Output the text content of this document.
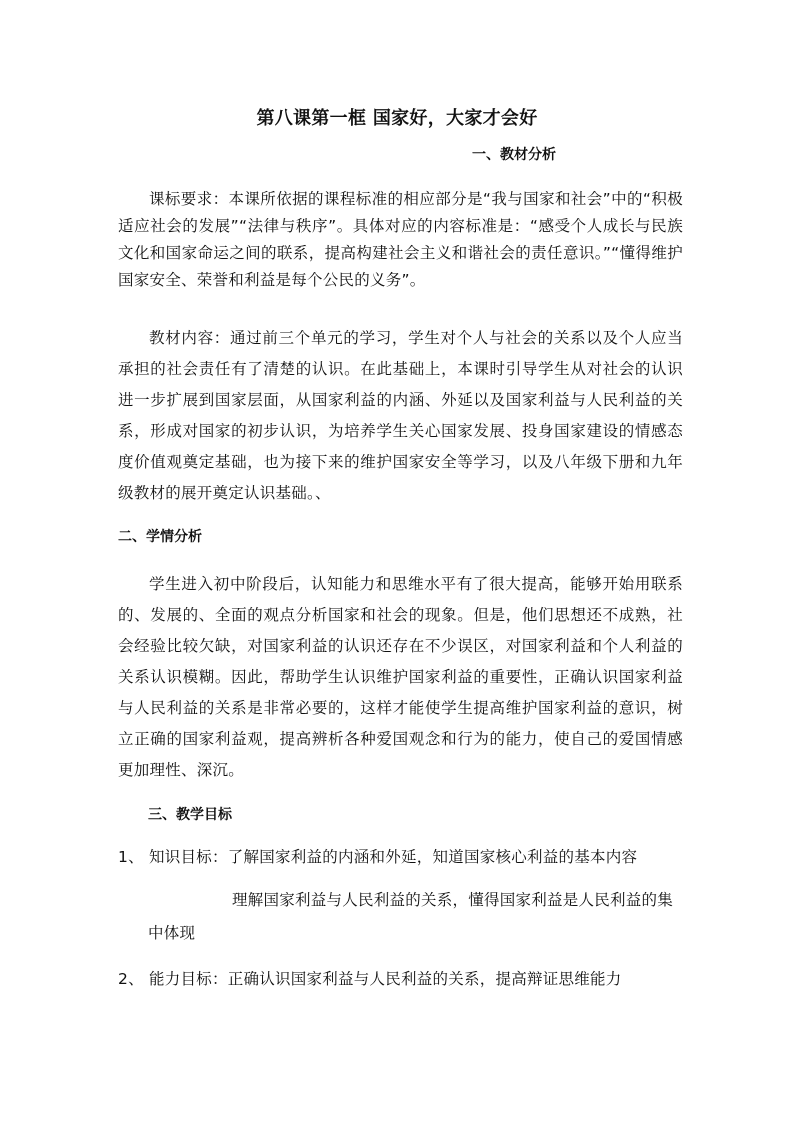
第八课第一框 国家好，大家才会好
一、教材分析
课标要求：本课所依据的课程标准的相应部分是“我与国家和社会”中的“积极适应社会的发展”“法律与秩序”。具体对应的内容标准是：“感受个人成长与民族文化和国家命运之间的联系，提高构建社会主义和谐社会的责任意识。”“懂得维护国家安全、荣誉和利益是每个公民的义务”。
教材内容：通过前三个单元的学习，学生对个人与社会的关系以及个人应当承担的社会责任有了清楚的认识。在此基础上，本课时引导学生从对社会的认识进一步扩展到国家层面，从国家利益的内涵、外延以及国家利益与人民利益的关系，形成对国家的初步认识，为培养学生关心国家发展、投身国家建设的情感态度价值观奠定基础，也为接下来的维护国家安全等学习，以及八年级下册和九年级教材的展开奠定认识基础。、
二、学情分析
学生进入初中阶段后，认知能力和思维水平有了很大提高，能够开始用联系的、发展的、全面的观点分析国家和社会的现象。但是，他们思想还不成熟，社会经验比较欠缺，对国家利益的认识还存在不少误区，对国家利益和个人利益的关系认识模糊。因此，帮助学生认识维护国家利益的重要性，正确认识国家利益与人民利益的关系是非常必要的，这样才能使学生提高维护国家利益的意识，树立正确的国家利益观，提高辨析各种爱国观念和行为的能力，使自己的爱国情感更加理性、深沉。
三、教学目标
1、 知识目标：了解国家利益的内涵和外延，知道国家核心利益的基本内容
理解国家利益与人民利益的关系，懂得国家利益是人民利益的集
中体现
2、 能力目标：正确认识国家利益与人民利益的关系，提高辩证思维能力
